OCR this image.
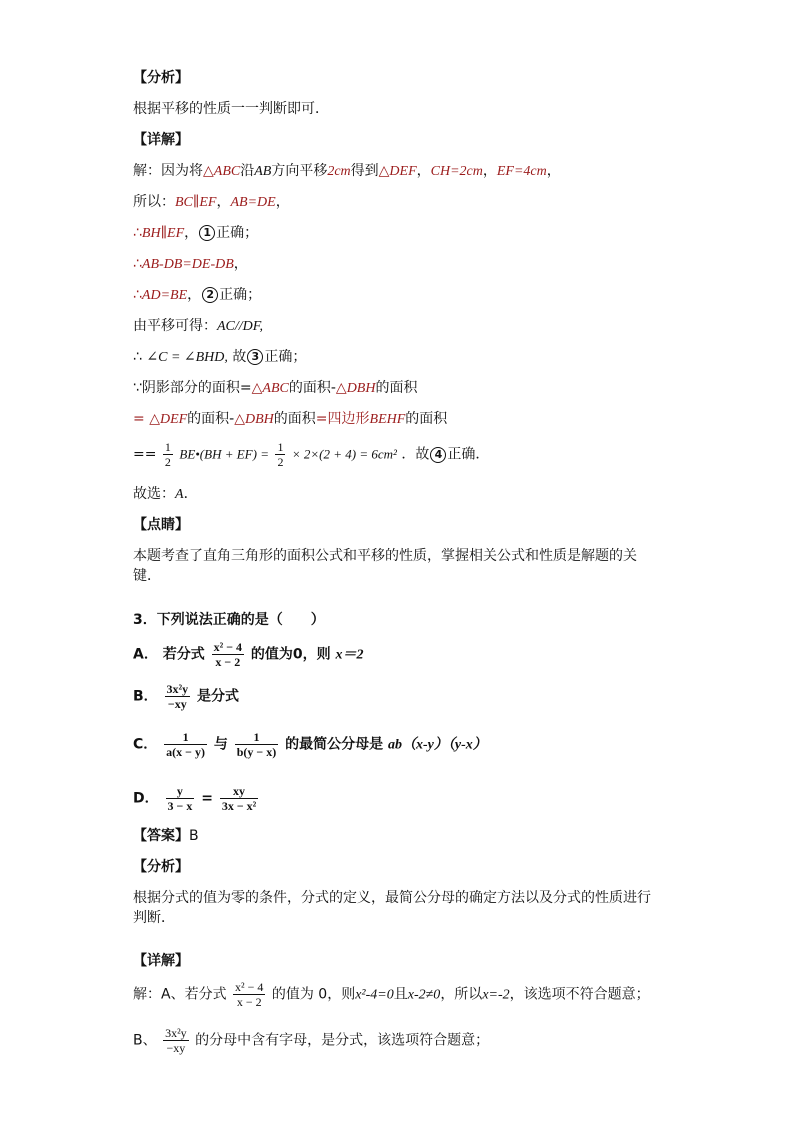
【分析】
根据平移的性质一一判断即可．
【详解】
解：因为将△ABC沿AB方向平移2cm得到△DEF，CH=2cm，EF=4cm，
所以：BC∥EF，AB=DE，
∴BH∥EF， 1 正确；
∴AB-DB=DE-DB，
∴AD=BE， 2 正确；
由平移可得：AC//DF,
∴ ∠C = ∠BHD, 故 3 正确；
∵阴影部分的面积=△ABC的面积-△DBH的面积
= △DEF的面积-△DBH的面积=四边形BEHF的面积
== $\frac{1}{2}$ BE•(BH + $EF) = \frac{1}{2} \times 2\times(2 + 4) = 6cm^2$ ．故 4 正确．
故选：A．
【点睛】
本题考查了直角三角形的面积公式和平移的性质，掌握相关公式和性质是解题的关键．
3．下列说法正确的是（　　）
A． 若分式 $\frac{\text{x² − 4}}{x - 2}$ 的值为0，则 x＝2
B． $\frac{\text{3x²y}}{-xy}$ 是分式
C． $\frac{1}{a(x - y)}$ 与 $\frac{1}{b(y - x)}$ 的最简公分母是 ab（x-y）（y-x）
D． $\frac{y}{3 - x} = \frac{xy}{\text{3x − x²}}$
【答案】B
【分析】
根据分式的值为零的条件，分式的定义，最简公分母的确定方法以及分式的性质进行判断．
【详解】
解：A、若分式 $\frac{\text{x² − 4}}{x - 2}$ 的值为 0，则x²-4=0且x-2≠0，所以x=-2，该选项不符合题意；
B、 $\frac{\text{3x²y}}{-xy}$ 的分母中含有字母，是分式，该选项符合题意；
